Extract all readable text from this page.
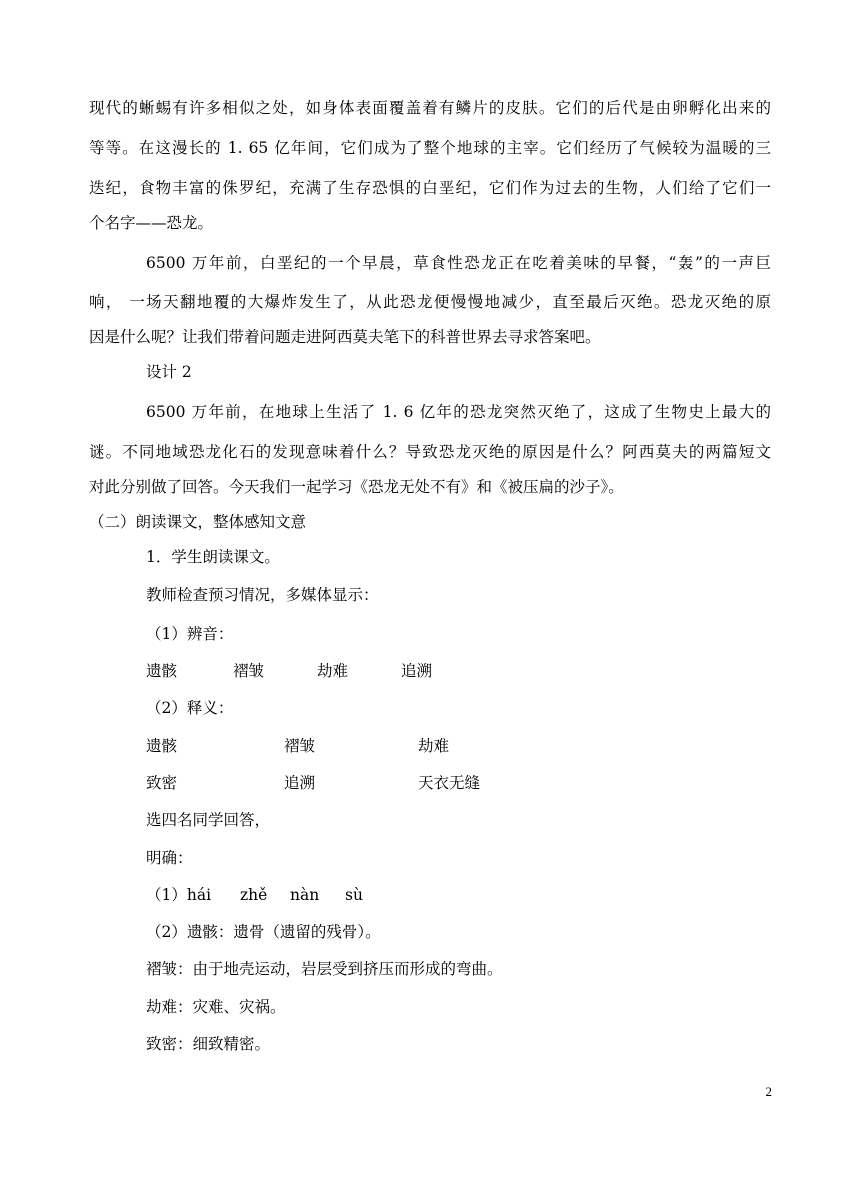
现代的蜥蜴有许多相似之处，如身体表面覆盖着有鳞片的皮肤。它们的后代是由卵孵化出来的
等等。在这漫长的 1. 65 亿年间，它们成为了整个地球的主宰。它们经历了气候较为温暖的三
迭纪，食物丰富的侏罗纪，充满了生存恐惧的白垩纪，它们作为过去的生物，人们给了它们一
个名字——恐龙。
6500 万年前，白垩纪的一个早晨，草食性恐龙正在吃着美味的早餐，“轰”的一声巨
响， 一场天翻地覆的大爆炸发生了，从此恐龙便慢慢地减少，直至最后灭绝。恐龙灭绝的原
因是什么呢？让我们带着问题走进阿西莫夫笔下的科普世界去寻求答案吧。
设计 2
6500 万年前，在地球上生活了 1. 6 亿年的恐龙突然灭绝了，这成了生物史上最大的
谜。不同地域恐龙化石的发现意味着什么？导致恐龙灭绝的原因是什么？阿西莫夫的两篇短文
对此分别做了回答。今天我们一起学习《恐龙无处不有》和《被压扁的沙子》。
（二）朗读课文，整体感知文意
1．学生朗读课文。
教师检查预习情况，多媒体显示：
（1）辨音：
遗骸	褶皱	劫难	追溯
（2）释义：
遗骸	褶皱	劫难
致密	追溯	天衣无缝
选四名同学回答，
明确：
（1）hái zhě nàn sù
（2）遗骸：遗骨（遗留的残骨）。
褶皱：由于地壳运动，岩层受到挤压而形成的弯曲。
劫难：灾难、灾祸。
致密：细致精密。
2
